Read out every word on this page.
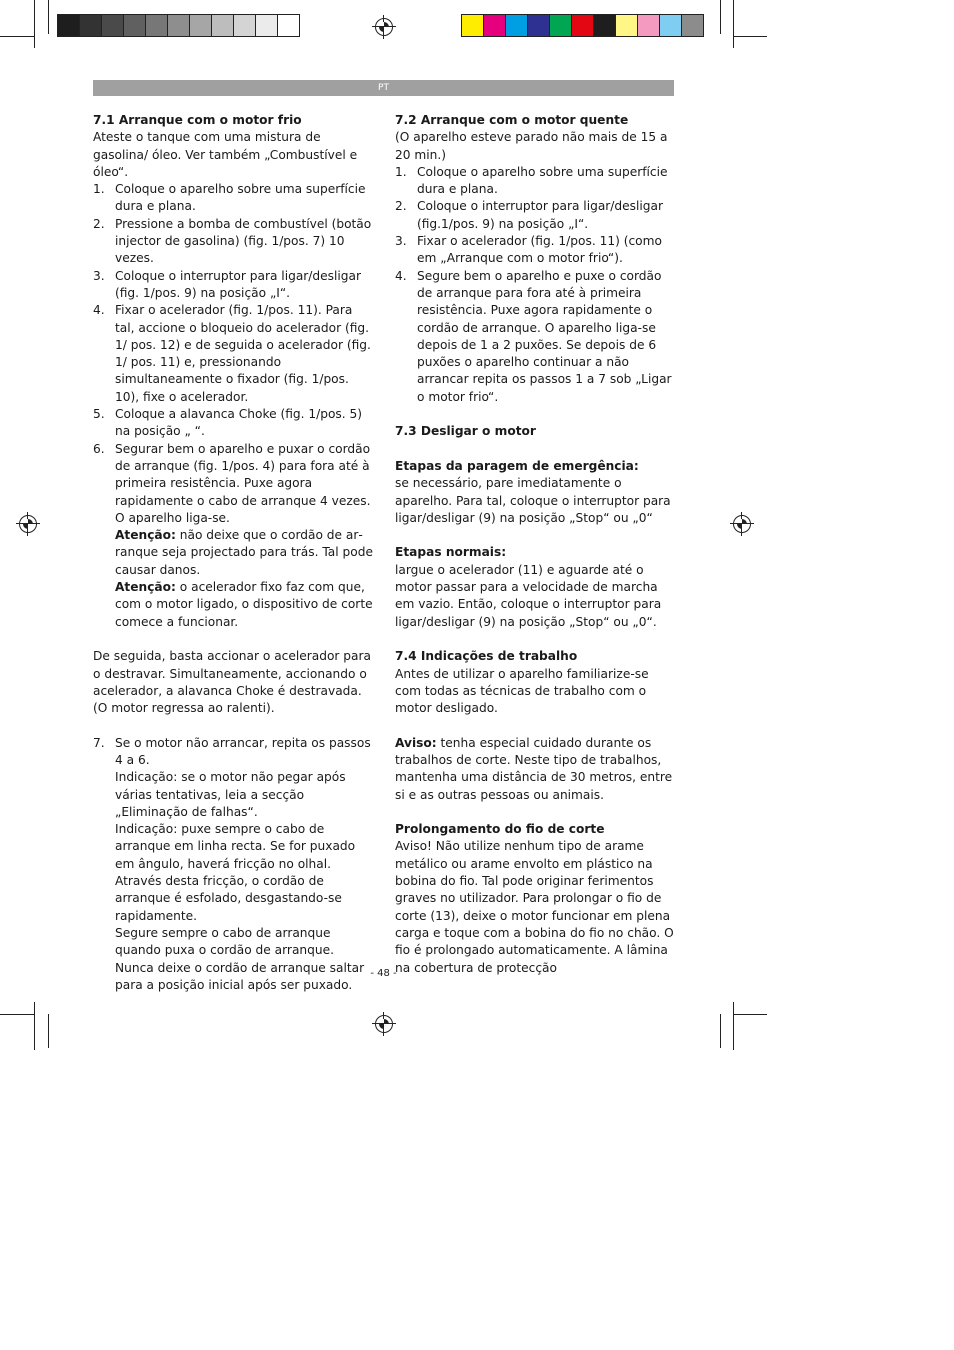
PT

7.1 Arranque com o motor frio

Ateste o tanque com uma mistura de gasolina/ óleo. Ver também „Combustível e óleo“.

1. Coloque o aparelho sobre uma superfície dura e plana.
2. Pressione a bomba de combustível (botão injector de gasolina) (fig. 1/pos. 7) 10 vezes.
3. Coloque o interruptor para ligar/desligar (fig. 1/pos. 9) na posição „I“.
4. Fixar o acelerador (fig. 1/pos. 11). Para tal, accione o bloqueio do acelerador (fig. 1/ pos. 12) e de seguida o acelerador (fig. 1/ pos. 11) e, pressionando simultaneamente o fixador (fig. 1/pos. 10), fixe o acelerador.
5. Coloque a alavanca Choke (fig. 1/pos. 5) na posição „ “.
6. Segurar bem o aparelho e puxar o cordão de arranque (fig. 1/pos. 4) para fora até à primeira resistência. Puxe agora rapidamente o cabo de arranque 4 vezes. O aparelho liga-se.

Atenção: não deixe que o cordão de arranque seja projectado para trás. Tal pode causar danos.

Atenção: o acelerador fixo faz com que, com o motor ligado, o dispositivo de corte comece a funcionar.

De seguida, basta accionar o acelerador para o destravar. Simultaneamente, accionando o acelerador, a alavanca Choke é destravada. (O motor regressa ao ralenti).

7. Se o motor não arrancar, repita os passos 4 a 6.

Indicação: se o motor não pegar após várias tentativas, leia a secção „Eliminação de falhas“.

Indicação: puxe sempre o cabo de arranque em linha recta. Se for puxado em ângulo, haverá fricção no olhal. Através desta fricção, o cordão de arranque é esfolado, desgastando-se rapidamente.

Segure sempre o cabo de arranque quando puxa o cordão de arranque.

Nunca deixe o cordão de arranque saltar para a posição inicial após ser puxado.

7.2 Arranque com o motor quente

(O aparelho esteve parado não mais de 15 a 20 min.)

1. Coloque o aparelho sobre uma superfície dura e plana.
2. Coloque o interruptor para ligar/desligar (fig.1/pos. 9) na posição „I“.
3. Fixar o acelerador (fig. 1/pos. 11) (como em „Arranque com o motor frio“).
4. Segure bem o aparelho e puxe o cordão de arranque para fora até à primeira resistência. Puxe agora rapidamente o cordão de arranque. O aparelho liga-se depois de 1 a 2 puxões. Se depois de 6 puxões o aparelho continuar a não arrancar repita os passos 1 a 7 sob „Ligar o motor frio“.

7.3 Desligar o motor

Etapas da paragem de emergência:

se necessário, pare imediatamente o aparelho. Para tal, coloque o interruptor para ligar/desligar (9) na posição „Stop“ ou „0“

Etapas normais:

largue o acelerador (11) e aguarde até o motor passar para a velocidade de marcha em vazio. Então, coloque o interruptor para ligar/desligar (9) na posição „Stop“ ou „0“.

7.4 Indicações de trabalho

Antes de utilizar o aparelho familiarize-se com todas as técnicas de trabalho com o motor desligado.

Aviso: tenha especial cuidado durante os trabalhos de corte. Neste tipo de trabalhos, mantenha uma distância de 30 metros, entre si e as outras pessoas ou animais.

Prolongamento do fio de corte

Aviso! Não utilize nenhum tipo de arame metálico ou arame envolto em plástico na bobina do fio. Tal pode originar ferimentos graves no utilizador. Para prolongar o fio de corte (13), deixe o motor funcionar em plena carga e toque com a bobina do fio no chão. O fio é prolongado automaticamente. A lâmina na cobertura de protecção

- 48 -
